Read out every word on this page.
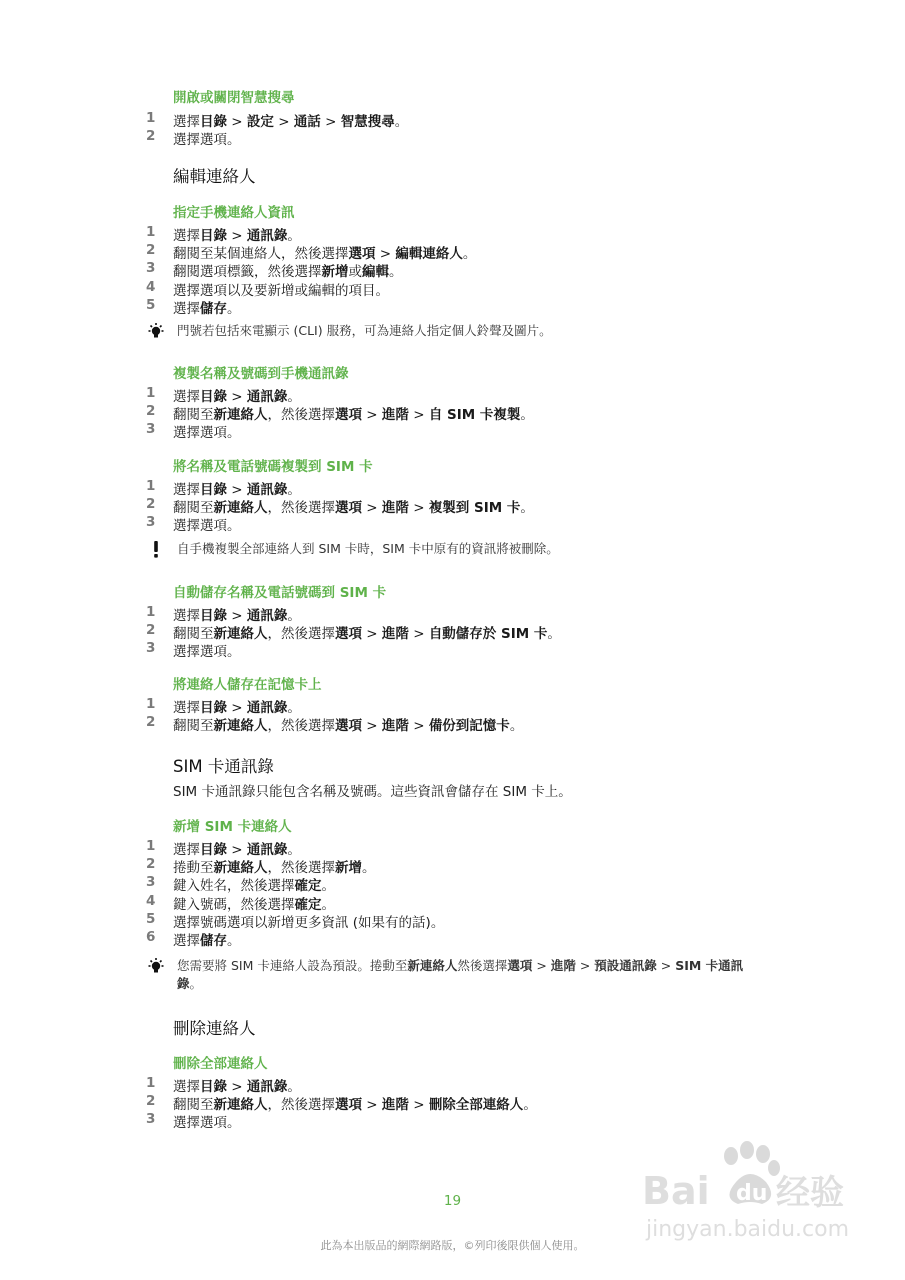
開啟或關閉智慧搜尋
編輯連絡人
指定手機連絡人資訊
門號若包括來電顯示 (CLI) 服務，可為連絡人指定個人鈴聲及圖片。
複製名稱及號碼到手機通訊錄
將名稱及電話號碼複製到 SIM 卡
自手機複製全部連絡人到 SIM 卡時，SIM 卡中原有的資訊將被刪除。
自動儲存名稱及電話號碼到 SIM 卡
將連絡人儲存在記憶卡上
SIM 卡通訊錄
SIM 卡通訊錄只能包含名稱及號碼。這些資訊會儲存在 SIM 卡上。
新增 SIM 卡連絡人
您需要將 SIM 卡連絡人設為預設。捲動至新連絡人然後選擇選項 > 進階 > 預設通訊錄 > SIM 卡通訊錄。
刪除連絡人
刪除全部連絡人
19
此為本出版品的網際網路版，©列印後限供個人使用。
Bai 经验
du
jingyan.baidu.com
1 選擇目錄 > 設定 > 通話 > 智慧搜尋。
2 選擇選項。
1 選擇目錄 > 通訊錄。
2 翻閱至某個連絡人，然後選擇選項 > 編輯連絡人。
3 翻閱選項標籤，然後選擇新增或編輯。
4 選擇選項以及要新增或編輯的項目。
5 選擇儲存。
1 選擇目錄 > 通訊錄。
2 翻閱至新連絡人，然後選擇選項 > 進階 > 自 SIM 卡複製。
3 選擇選項。
1 選擇目錄 > 通訊錄。
2 翻閱至新連絡人，然後選擇選項 > 進階 > 複製到 SIM 卡。
3 選擇選項。
1 選擇目錄 > 通訊錄。
2 翻閱至新連絡人，然後選擇選項 > 進階 > 自動儲存於 SIM 卡。
3 選擇選項。
1 選擇目錄 > 通訊錄。
2 翻閱至新連絡人，然後選擇選項 > 進階 > 備份到記憶卡。
1 選擇目錄 > 通訊錄。
2 捲動至新連絡人，然後選擇新增。
3 鍵入姓名，然後選擇確定。
4 鍵入號碼，然後選擇確定。
5 選擇號碼選項以新增更多資訊 (如果有的話)。
6 選擇儲存。
1 選擇目錄 > 通訊錄。
2 翻閱至新連絡人，然後選擇選項 > 進階 > 刪除全部連絡人。
3 選擇選項。
